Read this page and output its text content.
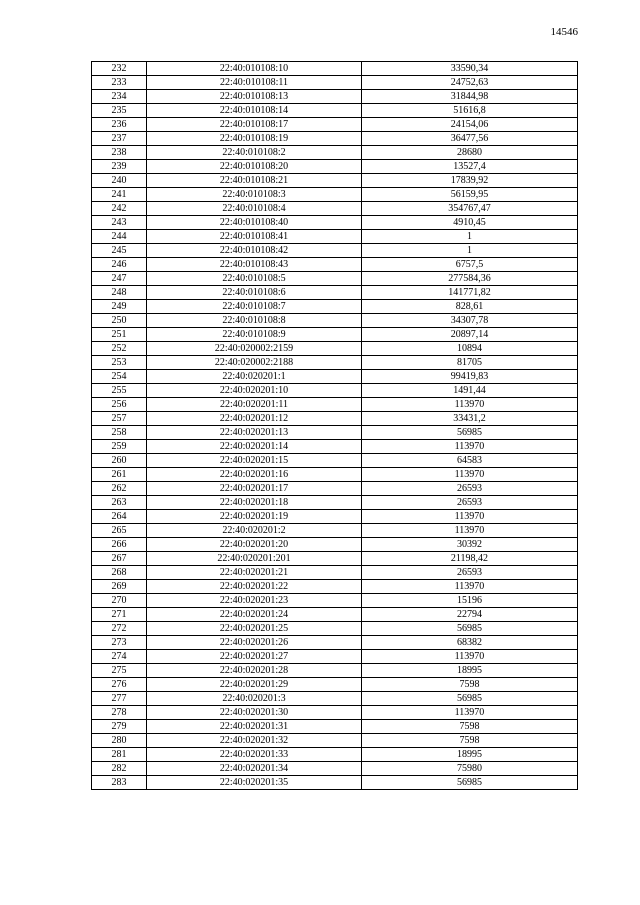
14546
232	22:40:010108:10	33590,34
233	22:40:010108:11	24752,63
234	22:40:010108:13	31844,98
235	22:40:010108:14	51616,8
236	22:40:010108:17	24154,06
237	22:40:010108:19	36477,56
238	22:40:010108:2	28680
239	22:40:010108:20	13527,4
240	22:40:010108:21	17839,92
241	22:40:010108:3	56159,95
242	22:40:010108:4	354767,47
243	22:40:010108:40	4910,45
244	22:40:010108:41	1
245	22:40:010108:42	1
246	22:40:010108:43	6757,5
247	22:40:010108:5	277584,36
248	22:40:010108:6	141771,82
249	22:40:010108:7	828,61
250	22:40:010108:8	34307,78
251	22:40:010108:9	20897,14
252	22:40:020002:2159	10894
253	22:40:020002:2188	81705
254	22:40:020201:1	99419,83
255	22:40:020201:10	1491,44
256	22:40:020201:11	113970
257	22:40:020201:12	33431,2
258	22:40:020201:13	56985
259	22:40:020201:14	113970
260	22:40:020201:15	64583
261	22:40:020201:16	113970
262	22:40:020201:17	26593
263	22:40:020201:18	26593
264	22:40:020201:19	113970
265	22:40:020201:2	113970
266	22:40:020201:20	30392
267	22:40:020201:201	21198,42
268	22:40:020201:21	26593
269	22:40:020201:22	113970
270	22:40:020201:23	15196
271	22:40:020201:24	22794
272	22:40:020201:25	56985
273	22:40:020201:26	68382
274	22:40:020201:27	113970
275	22:40:020201:28	18995
276	22:40:020201:29	7598
277	22:40:020201:3	56985
278	22:40:020201:30	113970
279	22:40:020201:31	7598
280	22:40:020201:32	7598
281	22:40:020201:33	18995
282	22:40:020201:34	75980
283	22:40:020201:35	56985
